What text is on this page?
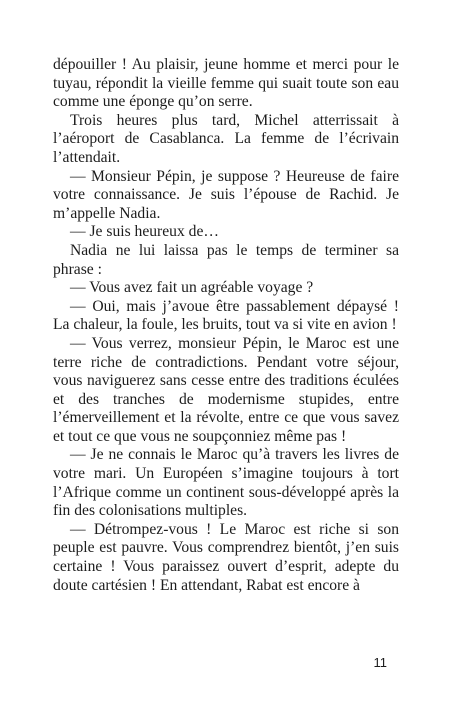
dépouiller ! Au plaisir, jeune homme et merci pour le tuyau, répondit la vieille femme qui suait toute son eau comme une éponge qu’on serre.

Trois heures plus tard, Michel atterrissait à l’aéroport de Casablanca. La femme de l’écrivain l’attendait.

— Monsieur Pépin, je suppose ? Heureuse de faire votre connaissance. Je suis l’épouse de Rachid. Je m’appelle Nadia.

— Je suis heureux de…

Nadia ne lui laissa pas le temps de terminer sa phrase :

— Vous avez fait un agréable voyage ?

— Oui, mais j’avoue être passablement dépaysé ! La chaleur, la foule, les bruits, tout va si vite en avion !

— Vous verrez, monsieur Pépin, le Maroc est une terre riche de contradictions. Pendant votre séjour, vous naviguerez sans cesse entre des traditions éculées et des tranches de modernisme stupides, entre l’émerveillement et la révolte, entre ce que vous savez et tout ce que vous ne soupçonniez même pas !

— Je ne connais le Maroc qu’à travers les livres de votre mari. Un Européen s’imagine toujours à tort l’Afrique comme un continent sous-développé après la fin des colonisations multiples.

— Détrompez-vous ! Le Maroc est riche si son peuple est pauvre. Vous comprendrez bientôt, j’en suis certaine ! Vous paraissez ouvert d’esprit, adepte du doute cartésien ! En attendant, Rabat est encore à

11
